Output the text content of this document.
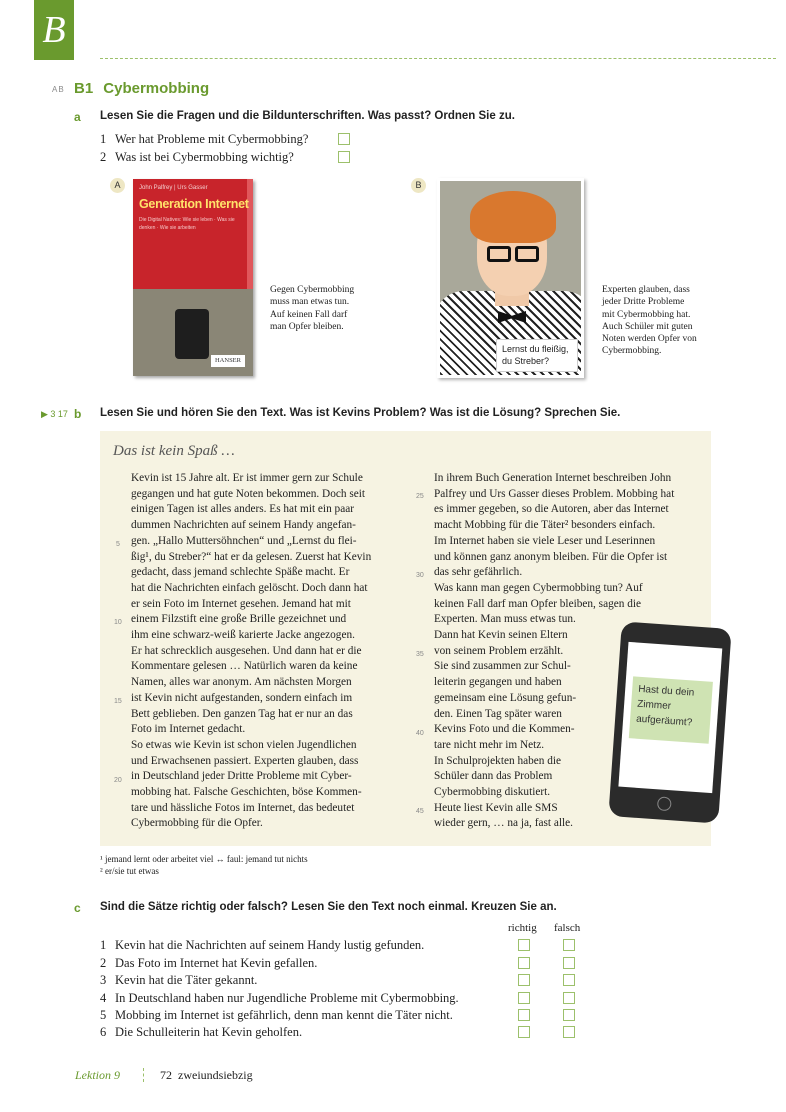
B
AB B1 Cybermobbing
a Lesen Sie die Fragen und die Bildunterschriften. Was passt? Ordnen Sie zu.
1 Wer hat Probleme mit Cybermobbing?
2 Was ist bei Cybermobbing wichtig?
A	John Palfrey | Urs Gasser
Generation Internet
Die Digital Natives: Wie sie leben · Was sie denken · Wie sie arbeiten
HANSER
Gegen Cybermobbing
muss man etwas tun.
Auf keinen Fall darf
man Opfer bleiben.
B
Lernst du fleißig,
du Streber?
Experten glauben, dass
jeder Dritte Probleme
mit Cybermobbing hat.
Auch Schüler mit guten
Noten werden Opfer von
Cybermobbing.
▶ 3 17 b Lesen Sie und hören Sie den Text. Was ist Kevins Problem? Was ist die Lösung? Sprechen Sie.
Das ist kein Spaß …
Kevin ist 15 Jahre alt. Er ist immer gern zur Schule
gegangen und hat gute Noten bekommen. Doch seit
einigen Tagen ist alles anders. Es hat mit ein paar
dummen Nachrichten auf seinem Handy angefan-
gen. „Hallo Muttersöhnchen“ und „Lernst du flei-
ßig¹, du Streber?“ hat er da gelesen. Zuerst hat Kevin
gedacht, dass jemand schlechte Späße macht. Er
hat die Nachrichten einfach gelöscht. Doch dann hat
er sein Foto im Internet gesehen. Jemand hat mit
einem Filzstift eine große Brille gezeichnet und
ihm eine schwarz-weiß karierte Jacke angezogen.
Er hat schrecklich ausgesehen. Und dann hat er die
Kommentare gelesen … Natürlich waren da keine
Namen, alles war anonym. Am nächsten Morgen
ist Kevin nicht aufgestanden, sondern einfach im
Bett geblieben. Den ganzen Tag hat er nur an das
Foto im Internet gedacht.
So etwas wie Kevin ist schon vielen Jugendlichen
und Erwachsenen passiert. Experten glauben, dass
in Deutschland jeder Dritte Probleme mit Cyber-
mobbing hat. Falsche Geschichten, böse Kommen-
tare und hässliche Fotos im Internet, das bedeutet
Cybermobbing für die Opfer.
5
10
15
20
In ihrem Buch Generation Internet beschreiben John
Palfrey und Urs Gasser dieses Problem. Mobbing hat
es immer gegeben, so die Autoren, aber das Internet
macht Mobbing für die Täter² besonders einfach.
Im Internet haben sie viele Leser und Leserinnen
und können ganz anonym bleiben. Für die Opfer ist
das sehr gefährlich.
Was kann man gegen Cybermobbing tun? Auf
keinen Fall darf man Opfer bleiben, sagen die
Experten. Man muss etwas tun.
Dann hat Kevin seinen Eltern
von seinem Problem erzählt.
Sie sind zusammen zur Schul-
leiterin gegangen und haben
gemeinsam eine Lösung gefun-
den. Einen Tag später waren
Kevins Foto und die Kommen-
tare nicht mehr im Netz.
In Schulprojekten haben die
Schüler dann das Problem
Cybermobbing diskutiert.
Heute liest Kevin alle SMS
wieder gern, … na ja, fast alle.
25
30
35
40
45
Hast du dein
Zimmer
aufgeräumt?
¹ jemand lernt oder arbeitet viel ↔ faul: jemand tut nichts
² er/sie tut etwas
c Sind die Sätze richtig oder falsch? Lesen Sie den Text noch einmal. Kreuzen Sie an.
richtig falsch
1 Kevin hat die Nachrichten auf seinem Handy lustig gefunden.
2 Das Foto im Internet hat Kevin gefallen.
3 Kevin hat die Täter gekannt.
4 In Deutschland haben nur Jugendliche Probleme mit Cybermobbing.
5 Mobbing im Internet ist gefährlich, denn man kennt die Täter nicht.
6 Die Schulleiterin hat Kevin geholfen.
Lektion 9	72 zweiundsiebzig
